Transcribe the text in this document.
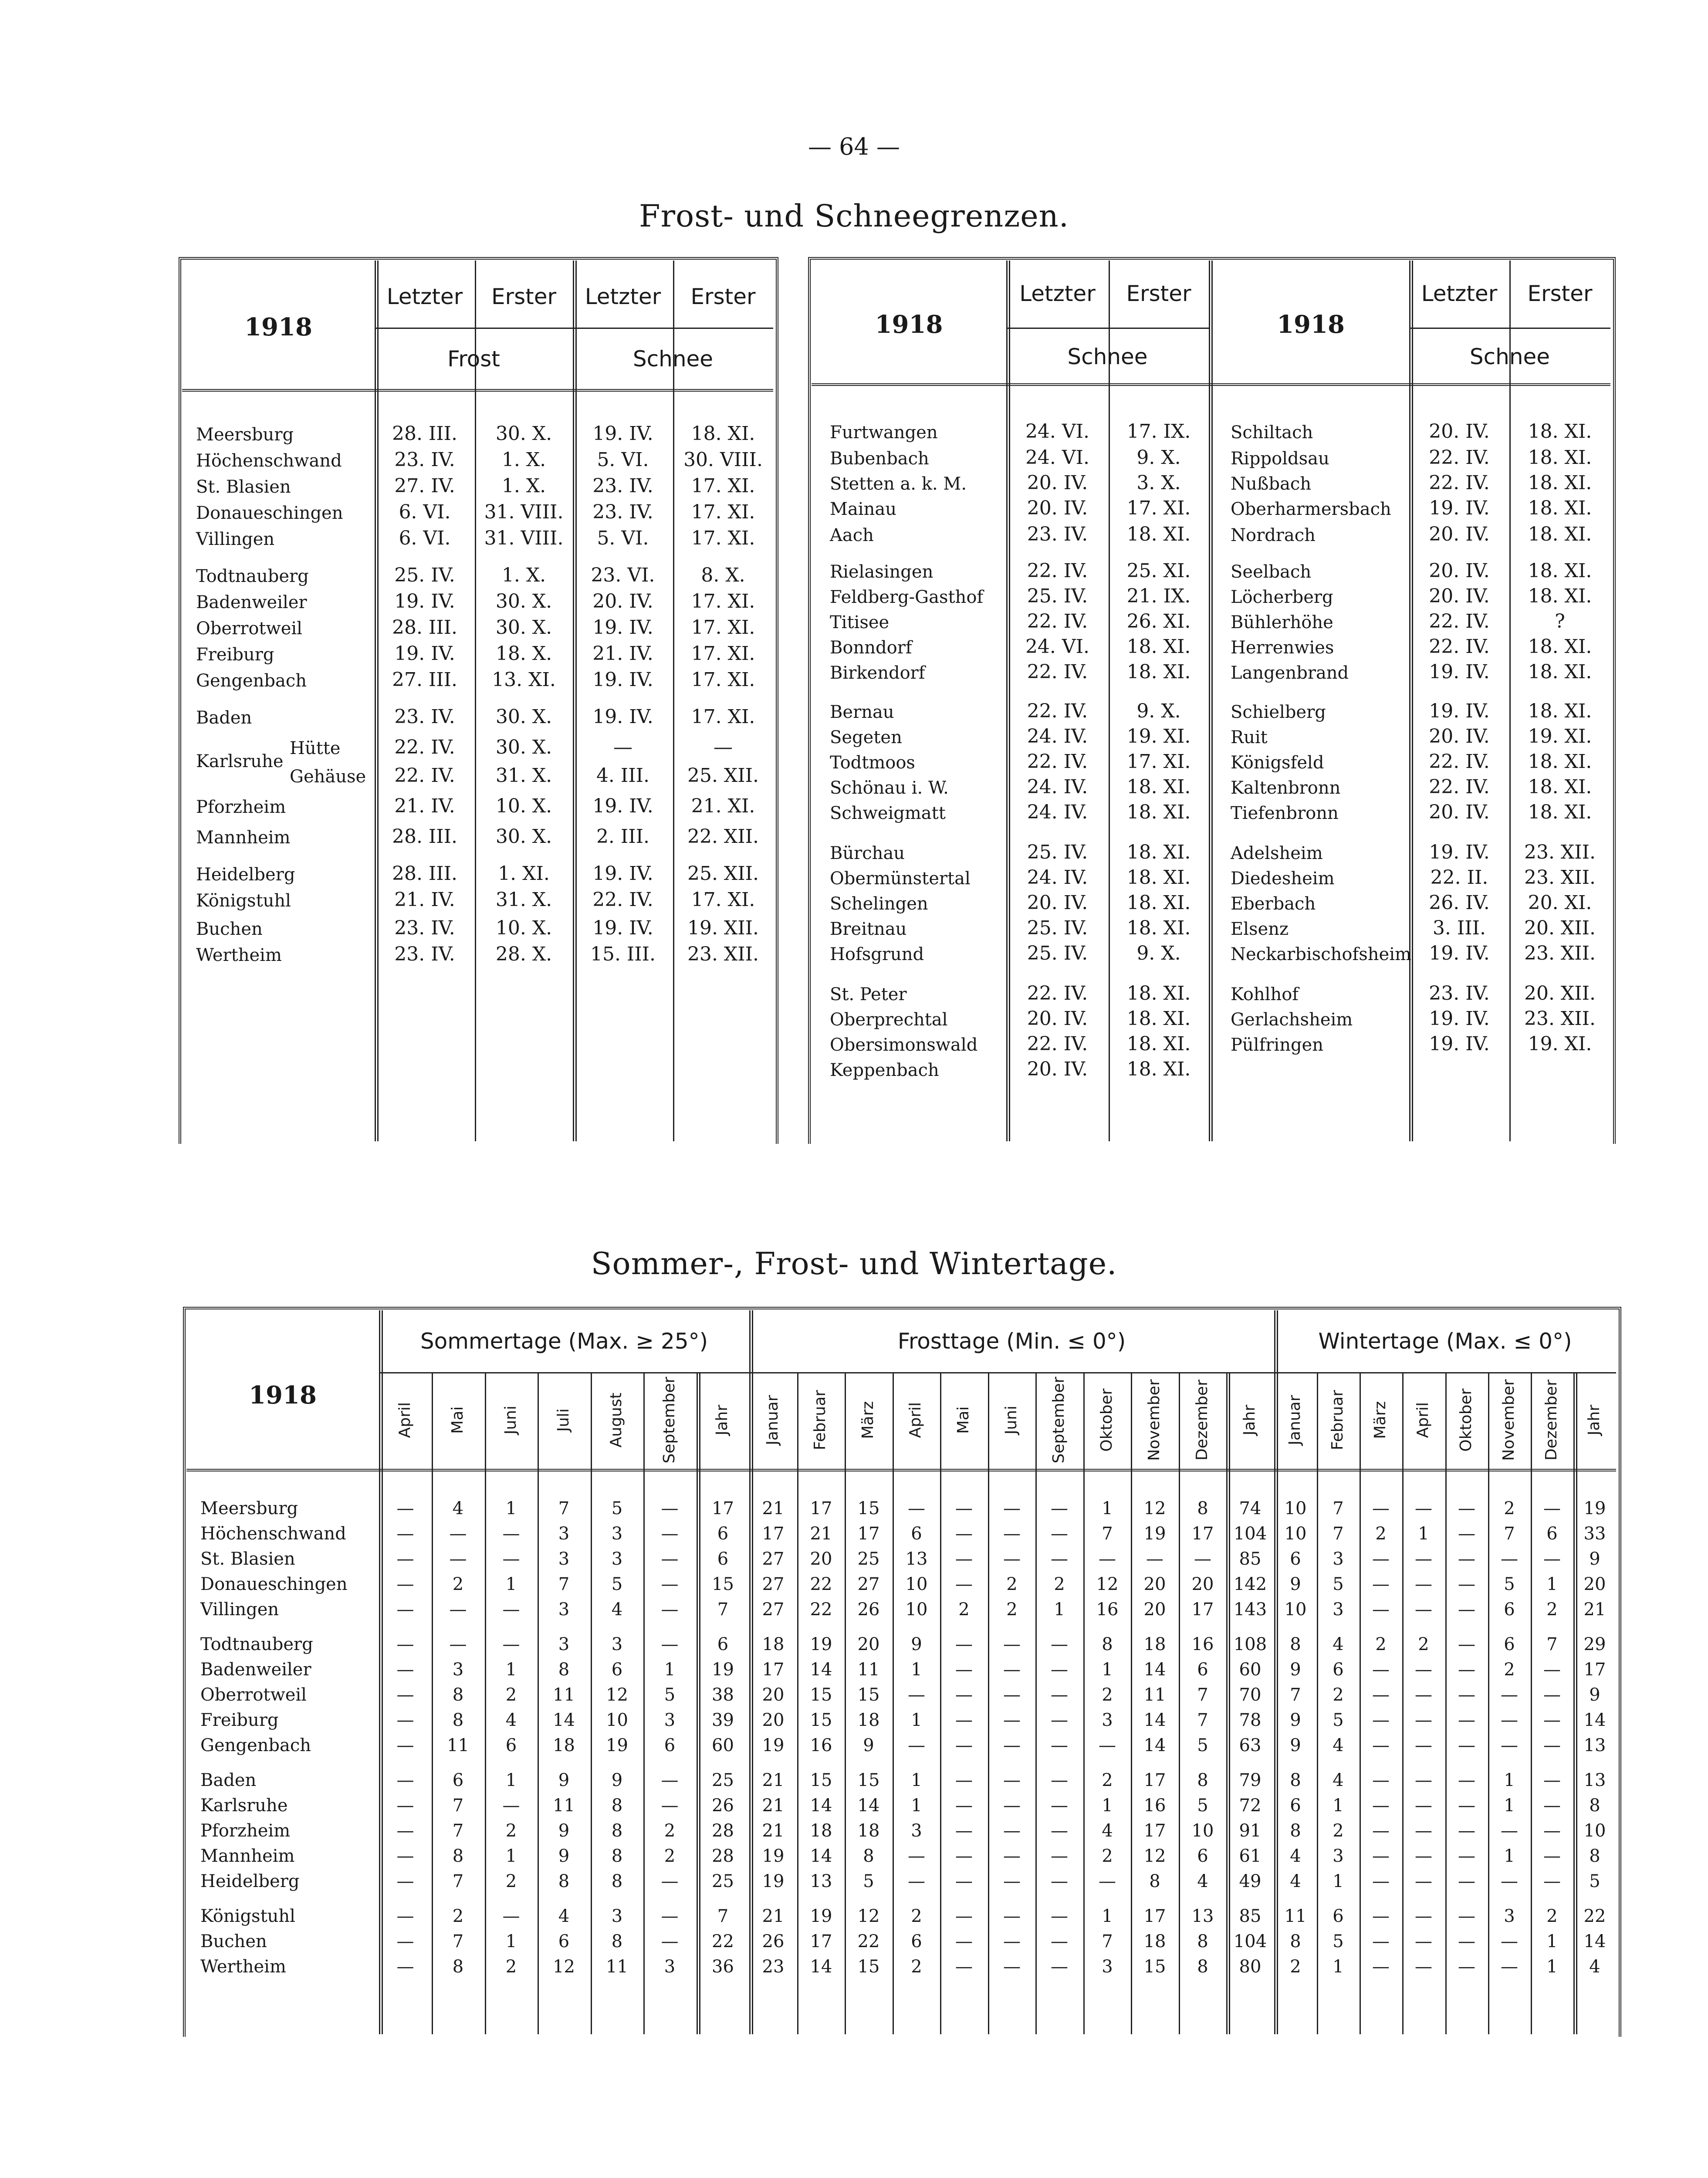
— 64 —
Frost- und Schneegrenzen.
Sommer-, Frost- und Wintertage.
1918
Letzter	Erster	Letzter	Erster
Frost	Schnee
Meersburg	28. III.	30. X.	19. IV.	18. XI.
Höchenschwand	23. IV.	1. X.	5. VI.	30. VIII.
St. Blasien	27. IV.	1. X.	23. IV.	17. XI.
Donaueschingen	6. VI.	31. VIII.	23. IV.	17. XI.
Villingen	6. VI.	31. VIII.	5. VI.	17. XI.
Todtnauberg	25. IV.	1. X.	23. VI.	8. X.
Badenweiler	19. IV.	30. X.	20. IV.	17. XI.
Oberrotweil	28. III.	30. X.	19. IV.	17. XI.
Freiburg	19. IV.	18. X.	21. IV.	17. XI.
Gengenbach	27. III.	13. XI.	19. IV.	17. XI.
Baden	23. IV.	30. X.	19. IV.	17. XI.
Karlsruhe
Hütte	22. IV.	30. X.	—	—
Gehäuse	22. IV.	31. X.	4. III.	25. XII.
Pforzheim	21. IV.	10. X.	19. IV.	21. XI.
Mannheim	28. III.	30. X.	2. III.	22. XII.
Heidelberg	28. III.	1. XI.	19. IV.	25. XII.
Königstuhl	21. IV.	31. X.	22. IV.	17. XI.
Buchen	23. IV.	10. X.	19. IV.	19. XII.
Wertheim	23. IV.	28. X.	15. III.	23. XII.
1918	1918
Letzter	Erster
Schnee
Letzter	Erster
Schnee
Furtwangen	24. VI.	17. IX.
Bubenbach	24. VI.	9. X.
Stetten a. k. M.	20. IV.	3. X.
Mainau	20. IV.	17. XI.
Aach	23. IV.	18. XI.
Rielasingen	22. IV.	25. XI.
Feldberg-Gasthof	25. IV.	21. IX.
Titisee	22. IV.	26. XI.
Bonndorf	24. VI.	18. XI.
Birkendorf	22. IV.	18. XI.
Bernau	22. IV.	9. X.
Segeten	24. IV.	19. XI.
Todtmoos	22. IV.	17. XI.
Schönau i. W.	24. IV.	18. XI.
Schweigmatt	24. IV.	18. XI.
Bürchau	25. IV.	18. XI.
Obermünstertal	24. IV.	18. XI.
Schelingen	20. IV.	18. XI.
Breitnau	25. IV.	18. XI.
Hofsgrund	25. IV.	9. X.
St. Peter	22. IV.	18. XI.
Oberprechtal	20. IV.	18. XI.
Obersimonswald	22. IV.	18. XI.
Keppenbach	20. IV.	18. XI.
Schiltach	20. IV.	18. XI.
Rippoldsau	22. IV.	18. XI.
Nußbach	22. IV.	18. XI.
Oberharmersbach	19. IV.	18. XI.
Nordrach	20. IV.	18. XI.
Seelbach	20. IV.	18. XI.
Löcherberg	20. IV.	18. XI.
Bühlerhöhe	22. IV.	?
Herrenwies	22. IV.	18. XI.
Langenbrand	19. IV.	18. XI.
Schielberg	19. IV.	18. XI.
Ruit	20. IV.	19. XI.
Königsfeld	22. IV.	18. XI.
Kaltenbronn	22. IV.	18. XI.
Tiefenbronn	20. IV.	18. XI.
Adelsheim	19. IV.	23. XII.
Diedesheim	22. II.	23. XII.
Eberbach	26. IV.	20. XI.
Elsenz	3. III.	20. XII.
Neckarbischofsheim 19. IV.	23. XII.
Kohlhof	23. IV.	20. XII.
Gerlachsheim	19. IV.	23. XII.
Pülfringen	19. IV.	19. XI.
1918
Sommertage (Max. ≥ 25°)	Frosttage (Min. ≤ 0°)	Wintertage (Max. ≤ 0°)
April Mai Juni Juli August September Jahr Januar Februar März April Mai Juni September Oktober November Dezember Jahr Januar Februar März April Oktober November Dezember Jahr
Meersburg	—	4	1	7	5	—	17	21	17	15	—	—	—	—	1	12	8	74	10	7	—	—	—	2	—	19
Höchenschwand	—	—	—	3	3	—	6	17	21	17	6	—	—	—	7	19	17	104	10	7	2	1	—	7	6	33
St. Blasien	—	—	—	3	3	—	6	27	20	25	13	—	—	—	—	—	—	85	6	3	—	—	—	—	—	9
Donaueschingen	—	2	1	7	5	—	15	27	22	27	10	—	2	2	12	20	20	142	9	5	—	—	—	5	1	20
Villingen	—	—	—	3	4	—	7	27	22	26	10	2	2	1	16	20	17	143	10	3	—	—	—	6	2	21
Todtnauberg	—	—	—	3	3	—	6	18	19	20	9	—	—	—	8	18	16	108	8	4	2	2	—	6	7	29
Badenweiler	—	3	1	8	6	1	19	17	14	11	1	—	—	—	1	14	6	60	9	6	—	—	—	2	—	17
Oberrotweil	—	8	2	11	12	5	38	20	15	15	—	—	—	—	2	11	7	70	7	2	—	—	—	—	—	9
Freiburg	—	8	4	14	10	3	39	20	15	18	1	—	—	—	3	14	7	78	9	5	—	—	—	—	—	14
Gengenbach	—	11	6	18	19	6	60	19	16	9	—	—	—	—	—	14	5	63	9	4	—	—	—	—	—	13
Baden	—	6	1	9	9	—	25	21	15	15	1	—	—	—	2	17	8	79	8	4	—	—	—	1	—	13
Karlsruhe	—	7	—	11	8	—	26	21	14	14	1	—	—	—	1	16	5	72	6	1	—	—	—	1	—	8
Pforzheim	—	7	2	9	8	2	28	21	18	18	3	—	—	—	4	17	10	91	8	2	—	—	—	—	—	10
Mannheim	—	8	1	9	8	2	28	19	14	8	—	—	—	—	2	12	6	61	4	3	—	—	—	1	—	8
Heidelberg	—	7	2	8	8	—	25	19	13	5	—	—	—	—	—	8	4	49	4	1	—	—	—	—	—	5
Königstuhl	—	2	—	4	3	—	7	21	19	12	2	—	—	—	1	17	13	85	11	6	—	—	—	3	2	22
Buchen	—	7	1	6	8	—	22	26	17	22	6	—	—	—	7	18	8	104	8	5	—	—	—	—	1	14
Wertheim	—	8	2	12	11	3	36	23	14	15	2	—	—	—	3	15	8	80	2	1	—	—	—	—	1	4
